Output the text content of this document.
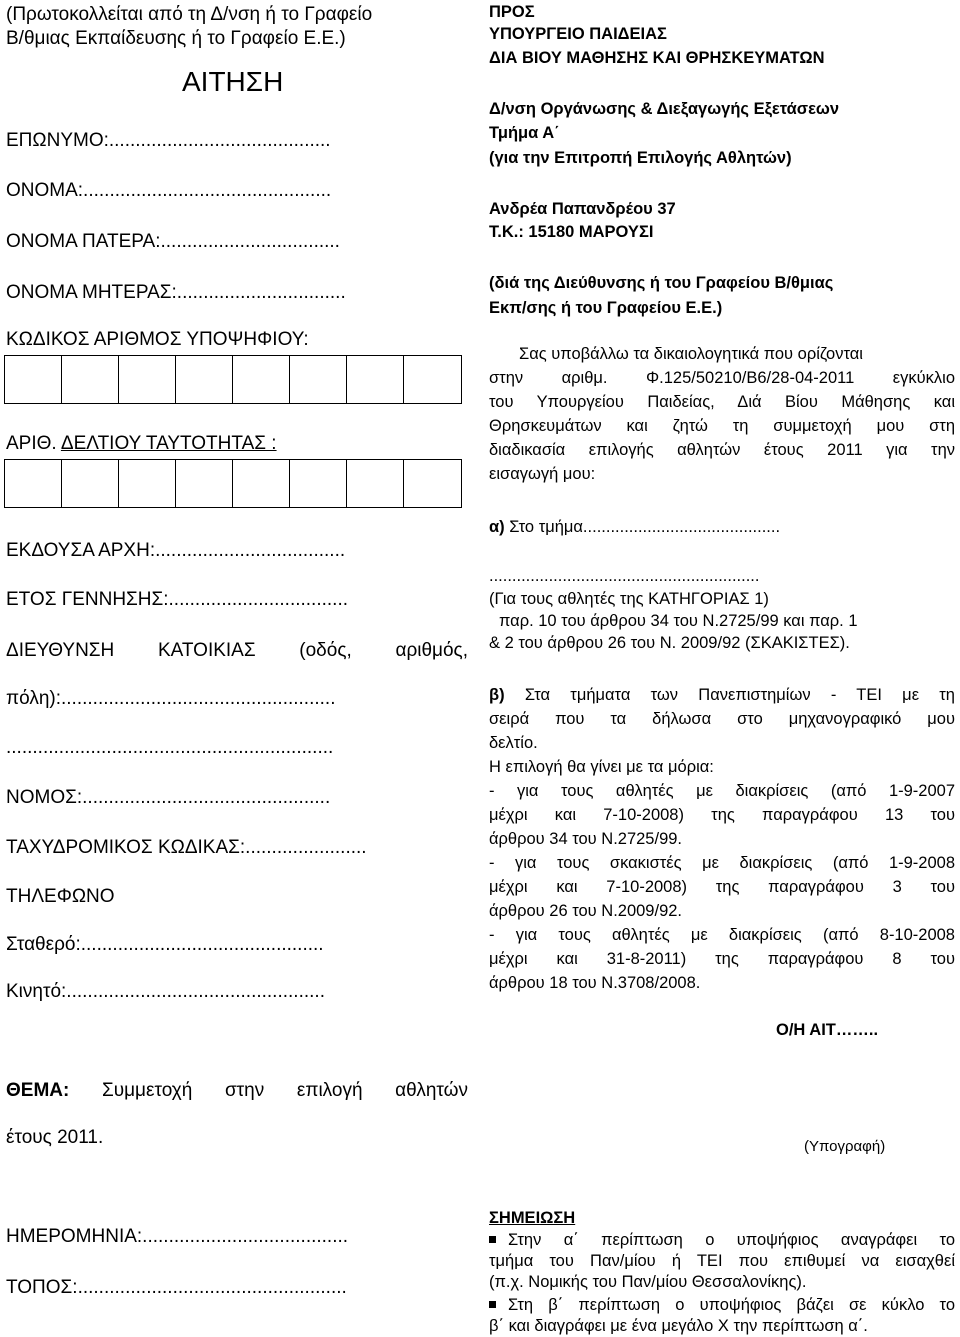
(Πρωτοκολλείται από τη Δ/νση ή το Γραφείο
Β/θμιας Εκπαίδευσης ή το Γραφείο Ε.Ε.)
ΑΙΤΗΣΗ
ΕΠΩΝΥΜΟ:..........................................
ΟΝΟΜΑ:...............................................
ΟΝΟΜΑ ΠΑΤΕΡΑ:..................................
ΟΝΟΜΑ ΜΗΤΕΡΑΣ:................................
ΚΩΔΙΚΟΣ ΑΡΙΘΜΟΣ ΥΠΟΨΗΦΙΟΥ:
ΑΡΙΘ. ΔΕΛΤΙΟΥ ΤΑΥΤΟΤΗΤΑΣ :
ΕΚΔΟΥΣΑ ΑΡΧΗ:....................................
ΕΤΟΣ ΓΕΝΝΗΣΗΣ:..................................
ΔΙΕΥΘΥΝΣΗ ΚΑΤΟΙΚΙΑΣ (οδός, αριθμός,
πόλη):....................................................
..............................................................
ΝΟΜΟΣ:...............................................
ΤΑΧΥΔΡΟΜΙΚΟΣ ΚΩΔΙΚΑΣ:.......................
ΤΗΛΕΦΩΝΟ
Σταθερό:..............................................
Κινητό:.................................................
ΘΕΜΑ: Συμμετοχή στην επιλογή αθλητών
έτους 2011.
ΗΜΕΡΟΜΗΝΙΑ:.......................................
ΤΟΠΟΣ:...................................................
ΠΡΟΣ
ΥΠΟΥΡΓΕΙΟ ΠΑΙΔΕΙΑΣ
ΔΙΑ ΒΙΟΥ ΜΑΘΗΣΗΣ ΚΑΙ ΘΡΗΣΚΕΥΜΑΤΩΝ
Δ/νση Οργάνωσης & Διεξαγωγής Εξετάσεων
Τμήμα Α΄
(για την Επιτροπή Επιλογής Αθλητών)
Ανδρέα Παπανδρέου 37
Τ.Κ.: 15180 ΜΑΡΟΥΣΙ
(διά της Διεύθυνσης ή του Γραφείου Β/θμιας
Εκπ/σης ή του Γραφείου Ε.Ε.)
Σας υποβάλλω τα δικαιολογητικά που ορίζονται
στην αριθμ. Φ.125/50210/Β6/28-04-2011 εγκύκλιο
του Υπουργείου Παιδείας, Διά Βίου Μάθησης και
Θρησκευμάτων και ζητώ τη συμμετοχή μου στη
διαδικασία επιλογής αθλητών έτους 2011 για την
εισαγωγή μου:
α) Στο τμήμα...........................................
...........................................................
(Για τους αθλητές της ΚΑΤΗΓΟΡΙΑΣ 1)
παρ. 10 του άρθρου 34 του Ν.2725/99 και παρ. 1
& 2 του άρθρου 26 του Ν. 2009/92 (ΣΚΑΚΙΣΤΕΣ).
β) Στα τμήματα των Πανεπιστημίων - ΤΕΙ με τη
σειρά που τα δήλωσα στο μηχανογραφικό μου
δελτίο.
Η επιλογή θα γίνει με τα μόρια:
- για τους αθλητές με διακρίσεις (από 1-9-2007
μέχρι και 7-10-2008) της παραγράφου 13 του
άρθρου 34 του Ν.2725/99.
- για τους σκακιστές με διακρίσεις (από 1-9-2008
μέχρι και 7-10-2008) της παραγράφου 3 του
άρθρου 26 του Ν.2009/92.
- για τους αθλητές με διακρίσεις (από 8-10-2008
μέχρι και 31-8-2011) της παραγράφου 8 του
άρθρου 18 του Ν.3708/2008.
Ο/Η ΑΙΤ……..
(Υπογραφή)
ΣΗΜΕΙΩΣΗ
Στην α΄ περίπτωση ο υποψήφιος αναγράφει το
τμήμα του Παν/μίου ή ΤΕΙ που επιθυμεί να εισαχθεί
(π.χ. Νομικής του Παν/μίου Θεσσαλονίκης).
Στη β΄ περίπτωση ο υποψήφιος βάζει σε κύκλο το
β΄ και διαγράφει με ένα μεγάλο Χ την περίπτωση α΄.
